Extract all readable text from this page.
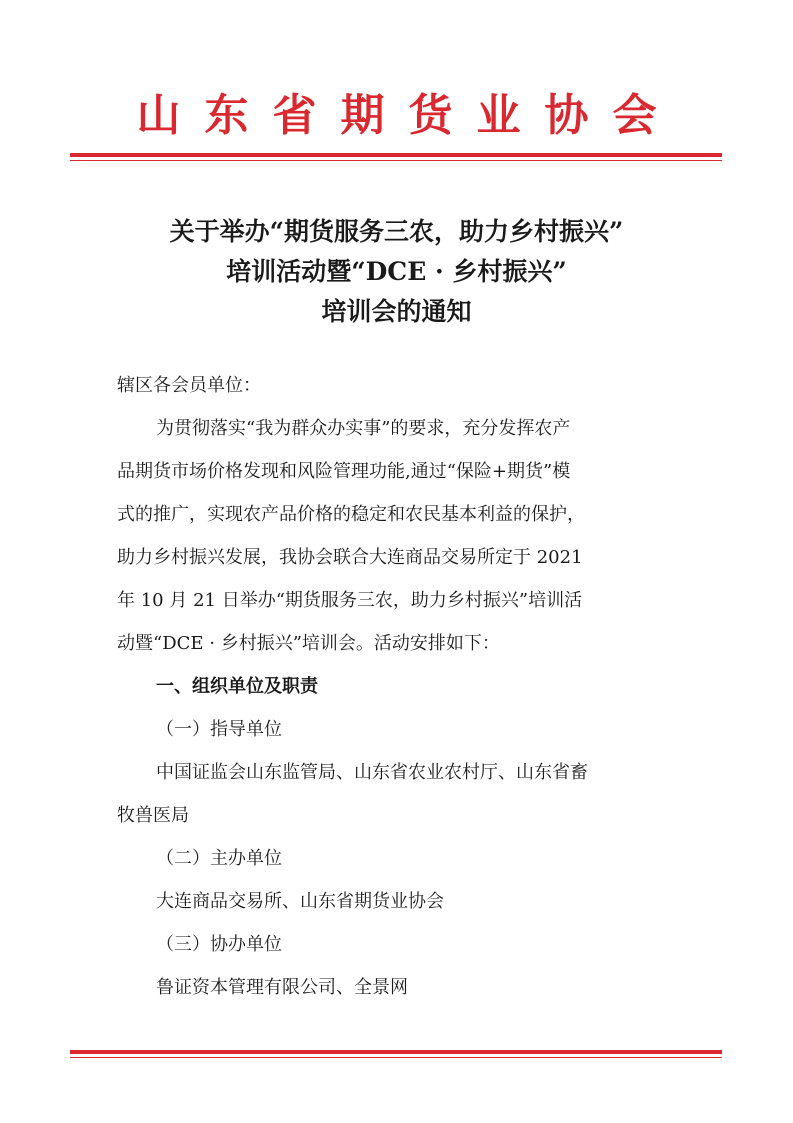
山东省期货业协会
关于举办“期货服务三农，助力乡村振兴”
培训活动暨“DCE · 乡村振兴”
培训会的通知
辖区各会员单位：
为贯彻落实“我为群众办实事”的要求，充分发挥农产
品期货市场价格发现和风险管理功能,通过“保险+期货”模
式的推广，实现农产品价格的稳定和农民基本利益的保护，
助力乡村振兴发展，我协会联合大连商品交易所定于 2021
年 10 月 21 日举办“期货服务三农，助力乡村振兴”培训活
动暨“DCE · 乡村振兴”培训会。活动安排如下：
一、组织单位及职责
（一）指导单位
中国证监会山东监管局、山东省农业农村厅、山东省畜
牧兽医局
（二）主办单位
大连商品交易所、山东省期货业协会
（三）协办单位
鲁证资本管理有限公司、全景网
